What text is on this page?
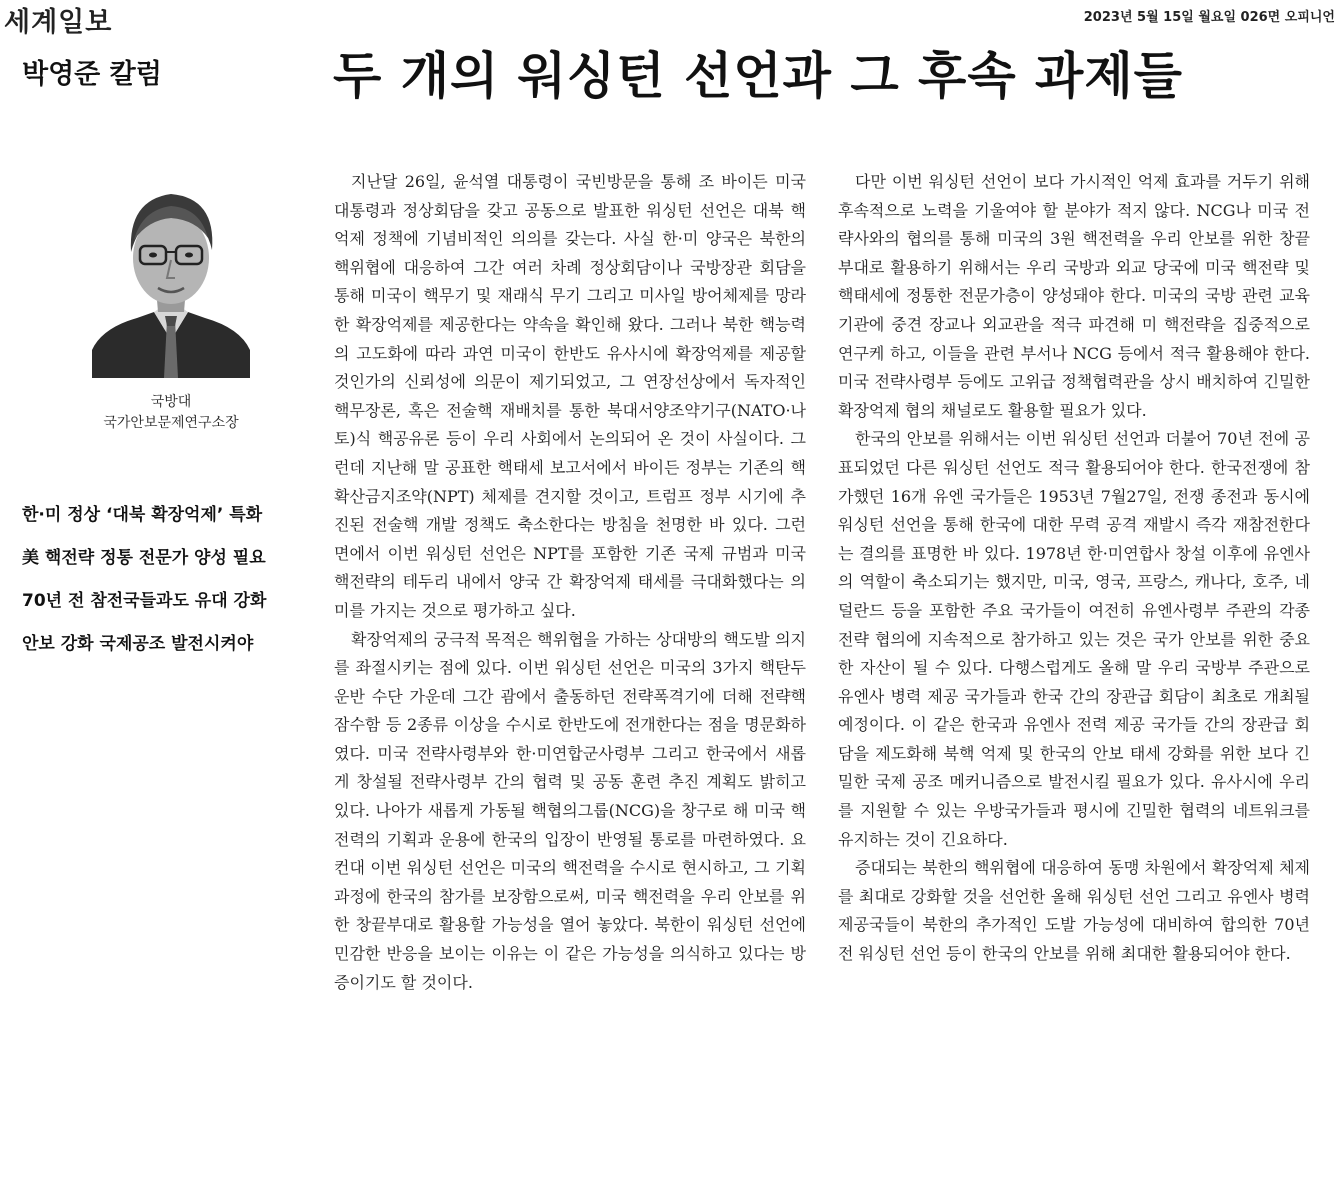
세계일보	2023년 5월 15일 월요일 026면 오피니언
박영준 칼럼	두 개의 워싱턴 선언과 그 후속 과제들
국방대
국가안보문제연구소장
한·미 정상 ‘대북 확장억제’ 특화
美 핵전략 정통 전문가 양성 필요
70년 전 참전국들과도 유대 강화
안보 강화 국제공조 발전시켜야

지난달 26일, 윤석열 대통령이 국빈방문을 통해 조 바이든 미국 대통령과 정상회담을 갖고 공동으로 발표한 워싱턴 선언은 대북 핵억제 정책에 기념비적인 의의를 갖는다. 사실 한·미 양국은 북한의 핵위협에 대응하여 그간 여러 차례 정상회담이나 국방장관 회담을 통해 미국이 핵무기 및 재래식 무기 그리고 미사일 방어체제를 망라한 확장억제를 제공한다는 약속을 확인해 왔다. 그러나 북한 핵능력의 고도화에 따라 과연 미국이 한반도 유사시에 확장억제를 제공할 것인가의 신뢰성에 의문이 제기되었고, 그 연장선상에서 독자적인 핵무장론, 혹은 전술핵 재배치를 통한 북대서양조약기구(NATO·나토)식 핵공유론 등이 우리 사회에서 논의되어 온 것이 사실이다. 그런데 지난해 말 공표한 핵태세 보고서에서 바이든 정부는 기존의 핵확산금지조약(NPT) 체제를 견지할 것이고, 트럼프 정부 시기에 추진된 전술핵 개발 정책도 축소한다는 방침을 천명한 바 있다. 그런 면에서 이번 워싱턴 선언은 NPT를 포함한 기존 국제 규범과 미국 핵전략의 테두리 내에서 양국 간 확장억제 태세를 극대화했다는 의미를 가지는 것으로 평가하고 싶다.

확장억제의 궁극적 목적은 핵위협을 가하는 상대방의 핵도발 의지를 좌절시키는 점에 있다. 이번 워싱턴 선언은 미국의 3가지 핵탄두 운반 수단 가운데 그간 괌에서 출동하던 전략폭격기에 더해 전략핵 잠수함 등 2종류 이상을 수시로 한반도에 전개한다는 점을 명문화하였다. 미국 전략사령부와 한·미연합군사령부 그리고 한국에서 새롭게 창설될 전략사령부 간의 협력 및 공동 훈련 추진 계획도 밝히고 있다. 나아가 새롭게 가동될 핵협의그룹(NCG)을 창구로 해 미국 핵전력의 기획과 운용에 한국의 입장이 반영될 통로를 마련하였다. 요컨대 이번 워싱턴 선언은 미국의 핵전력을 수시로 현시하고, 그 기획 과정에 한국의 참가를 보장함으로써, 미국 핵전력을 우리 안보를 위한 창끝부대로 활용할 가능성을 열어 놓았다. 북한이 워싱턴 선언에 민감한 반응을 보이는 이유는 이 같은 가능성을 의식하고 있다는 방증이기도 할 것이다.

다만 이번 워싱턴 선언이 보다 가시적인 억제 효과를 거두기 위해 후속적으로 노력을 기울여야 할 분야가 적지 않다. NCG나 미국 전략사와의 협의를 통해 미국의 3원 핵전력을 우리 안보를 위한 창끝부대로 활용하기 위해서는 우리 국방과 외교 당국에 미국 핵전략 및 핵태세에 정통한 전문가층이 양성돼야 한다. 미국의 국방 관련 교육 기관에 중견 장교나 외교관을 적극 파견해 미 핵전략을 집중적으로 연구케 하고, 이들을 관련 부서나 NCG 등에서 적극 활용해야 한다. 미국 전략사령부 등에도 고위급 정책협력관을 상시 배치하여 긴밀한 확장억제 협의 채널로도 활용할 필요가 있다.

한국의 안보를 위해서는 이번 워싱턴 선언과 더불어 70년 전에 공표되었던 다른 워싱턴 선언도 적극 활용되어야 한다. 한국전쟁에 참가했던 16개 유엔 국가들은 1953년 7월27일, 전쟁 종전과 동시에 워싱턴 선언을 통해 한국에 대한 무력 공격 재발시 즉각 재참전한다는 결의를 표명한 바 있다. 1978년 한·미연합사 창설 이후에 유엔사의 역할이 축소되기는 했지만, 미국, 영국, 프랑스, 캐나다, 호주, 네덜란드 등을 포함한 주요 국가들이 여전히 유엔사령부 주관의 각종 전략 협의에 지속적으로 참가하고 있는 것은 국가 안보를 위한 중요한 자산이 될 수 있다. 다행스럽게도 올해 말 우리 국방부 주관으로 유엔사 병력 제공 국가들과 한국 간의 장관급 회담이 최초로 개최될 예정이다. 이 같은 한국과 유엔사 전력 제공 국가들 간의 장관급 회담을 제도화해 북핵 억제 및 한국의 안보 태세 강화를 위한 보다 긴밀한 국제 공조 메커니즘으로 발전시킬 필요가 있다. 유사시에 우리를 지원할 수 있는 우방국가들과 평시에 긴밀한 협력의 네트워크를 유지하는 것이 긴요하다.

증대되는 북한의 핵위협에 대응하여 동맹 차원에서 확장억제 체제를 최대로 강화할 것을 선언한 올해 워싱턴 선언 그리고 유엔사 병력 제공국들이 북한의 추가적인 도발 가능성에 대비하여 합의한 70년 전 워싱턴 선언 등이 한국의 안보를 위해 최대한 활용되어야 한다.
